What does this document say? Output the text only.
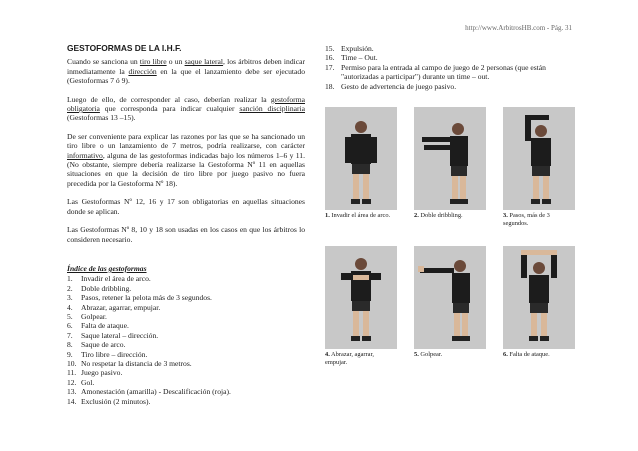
http://www.ArbitrosHB.com - Pág. 31
GESTOFORMAS DE LA I.H.F.

Cuando se sanciona un tiro libre o un saque lateral, los árbitros deben indicar inmediatamente la dirección en la que el lanzamiento debe ser ejecutado (Gestoformas 7 ó 9).

Luego de ello, de corresponder al caso, deberían realizar la gestoforma obligatoria que corresponda para indicar cualquier sanción disciplinaria (Gestoformas 13 –15).

De ser conveniente para explicar las razones por las que se ha sancionado un tiro libre o un lanzamiento de 7 metros, podría realizarse, con carácter informativo, alguna de las gestoformas indicadas bajo los números 1–6 y 11. (No obstante, siempre debería realizarse la Gestoforma Nº 11 en aquellas situaciones en que la decisión de tiro libre por juego pasivo no fuera precedida por la Gestoforma Nº 18).

Las Gestoformas Nº 12, 16 y 17 son obligatorias en aquellas situaciones donde se aplican.

Las Gestoformas Nº 8, 10 y 18 son usadas en los casos en que los árbitros lo consideren necesario.

Índice de las gestoformas
1.	Invadir el área de arco.
2.	Doble dribbling.
3.	Pasos, retener la pelota más de 3 segundos.
4.	Abrazar, agarrar, empujar.
5.	Golpear.
6.	Falta de ataque.
7.	Saque lateral – dirección.
8.	Saque de arco.
9.	Tiro libre – dirección.
10. No respetar la distancia de 3 metros.
11. Juego pasivo.
12. Gol.
13. Amonestación (amarilla) - Descalificación (roja).
14. Exclusión (2 minutos).
15. Expulsión.
16. Time – Out.
17. Permiso para la entrada al campo de juego de 2 personas (que están "autorizadas a participar") durante un time – out.
18. Gesto de advertencia de juego pasivo.
1. Invadir el área de arco.	2. Doble dribbling.	3. Pasos, más de 3 segundos.
4. Abrazar, agarrar, empujar.
5. Golpear.	6. Falta de ataque.
